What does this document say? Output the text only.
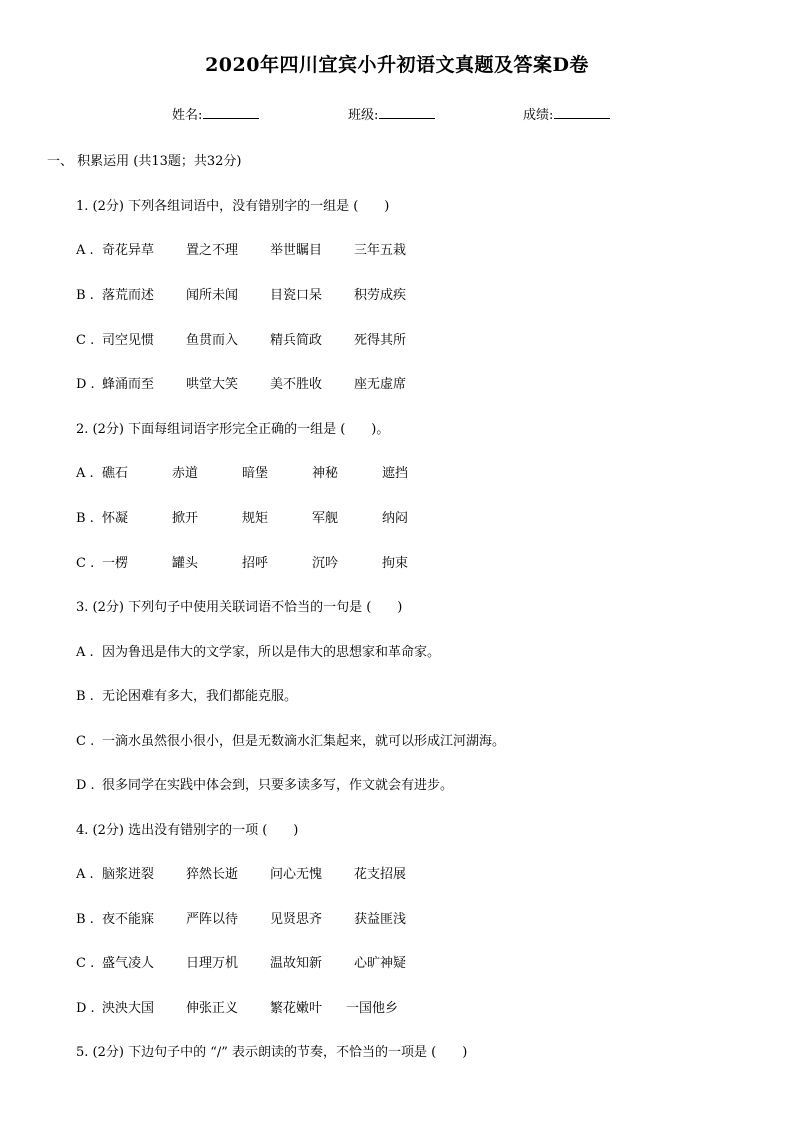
2020年四川宜宾小升初语文真题及答案D卷
姓名:	班级:	成绩:
一、 积累运用 (共13题；共32分)
1. (2分) 下列各组词语中，没有错别字的一组是 (　　)
A . 奇花异草 置之不理 举世瞩目 三年五栽
B . 落荒而述 闻所未闻 目瓷口呆 积劳成疾
C . 司空见惯 鱼贯而入 精兵简政 死得其所
D . 蜂涌而至 哄堂大笑 美不胜收 座无虚席
2. (2分) 下面每组词语字形完全正确的一组是 (　　)。
A . 礁石	赤道	暗堡	神秘	遮挡
B . 怀凝	掀开	规矩	军舰	纳闷
C . 一楞	罐头	招呼	沉吟	拘束
3. (2分) 下列句子中使用关联词语不恰当的一句是 (　　)
A . 因为鲁迅是伟大的文学家，所以是伟大的思想家和革命家。
B . 无论困难有多大，我们都能克服。
C . 一滴水虽然很小很小，但是无数滴水汇集起来，就可以形成江河湖海。
D . 很多同学在实践中体会到，只要多读多写，作文就会有进步。
4. (2分) 选出没有错别字的一项 (　　)
A . 脑浆迸裂 猝然长逝 问心无愧 花支招展
B . 夜不能寐 严阵以待 见贤思齐 获益匪浅
C . 盛气凌人 日理万机 温故知新 心旷神疑
D . 泱泱大国 伸张正义 繁花嫩叶 一国他乡
5. (2分) 下边句子中的 “/” 表示朗读的节奏，不恰当的一项是 (　　)
